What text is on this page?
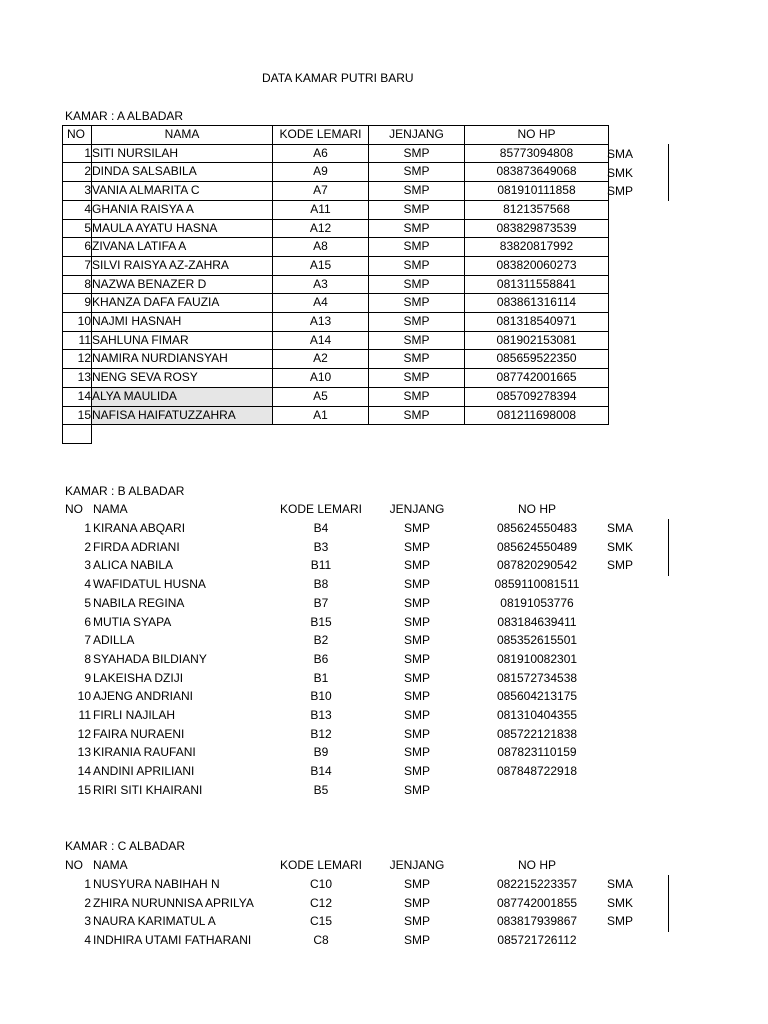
DATA KAMAR PUTRI BARU
KAMAR : A ALBADAR
NO	NAMA	KODE LEMARI	JENJANG	NO HP
1	SITI NURSILAH	A6	SMP	85773094808
2	DINDA SALSABILA	A9	SMP	083873649068
3	VANIA ALMARITA C	A7	SMP	081910111858
4	GHANIA RAISYA A	A11	SMP	8121357568
5	MAULA AYATU HASNA	A12	SMP	083829873539
6	ZIVANA LATIFA A	A8	SMP	83820817992
7	SILVI RAISYA AZ-ZAHRA	A15	SMP	083820060273
8	NAZWA BENAZER D	A3	SMP	081311558841
9	KHANZA DAFA FAUZIA	A4	SMP	083861316114
10	NAJMI HASNAH	A13	SMP	081318540971
11	SAHLUNA FIMAR	A14	SMP	081902153081
12	NAMIRA NURDIANSYAH	A2	SMP	085659522350
13	NENG SEVA ROSY	A10	SMP	087742001665
14	ALYA MAULIDA	A5	SMP	085709278394
15	NAFISA HAIFATUZZAHRA	A1	SMP	081211698008

SMA
SMK
SMP
KAMAR : B ALBADAR
NO NAMA	KODE LEMARI	JENJANG	NO HP
1 KIRANA ABQARI	B4	SMP	085624550483
2 FIRDA ADRIANI	B3	SMP	085624550489
3 ALICA NABILA	B11	SMP	087820290542
4 WAFIDATUL HUSNA	B8	SMP	0859110081511
5 NABILA REGINA	B7	SMP	08191053776
6 MUTIA SYAPA	B15	SMP	083184639411
7 ADILLA	B2	SMP	085352615501
8 SYAHADA BILDIANY	B6	SMP	081910082301
9 LAKEISHA DZIJI	B1	SMP	081572734538
10 AJENG ANDRIANI	B10	SMP	085604213175
11 FIRLI NAJILAH	B13	SMP	081310404355
12 FAIRA NURAENI	B12	SMP	085722121838
13 KIRANIA RAUFANI	B9	SMP	087823110159
14 ANDINI APRILIANI	B14	SMP	087848722918
15 RIRI SITI KHAIRANI	B5	SMP
SMA
SMK
SMP
KAMAR : C ALBADAR
NO NAMA	KODE LEMARI	JENJANG	NO HP
1 NUSYURA NABIHAH N	C10	SMP	082215223357
2 ZHIRA NURUNNISA APRILYA	C12	SMP	087742001855
3 NAURA KARIMATUL A	C15	SMP	083817939867
4 INDHIRA UTAMI FATHARANI	C8	SMP	085721726112
SMA
SMK
SMP
